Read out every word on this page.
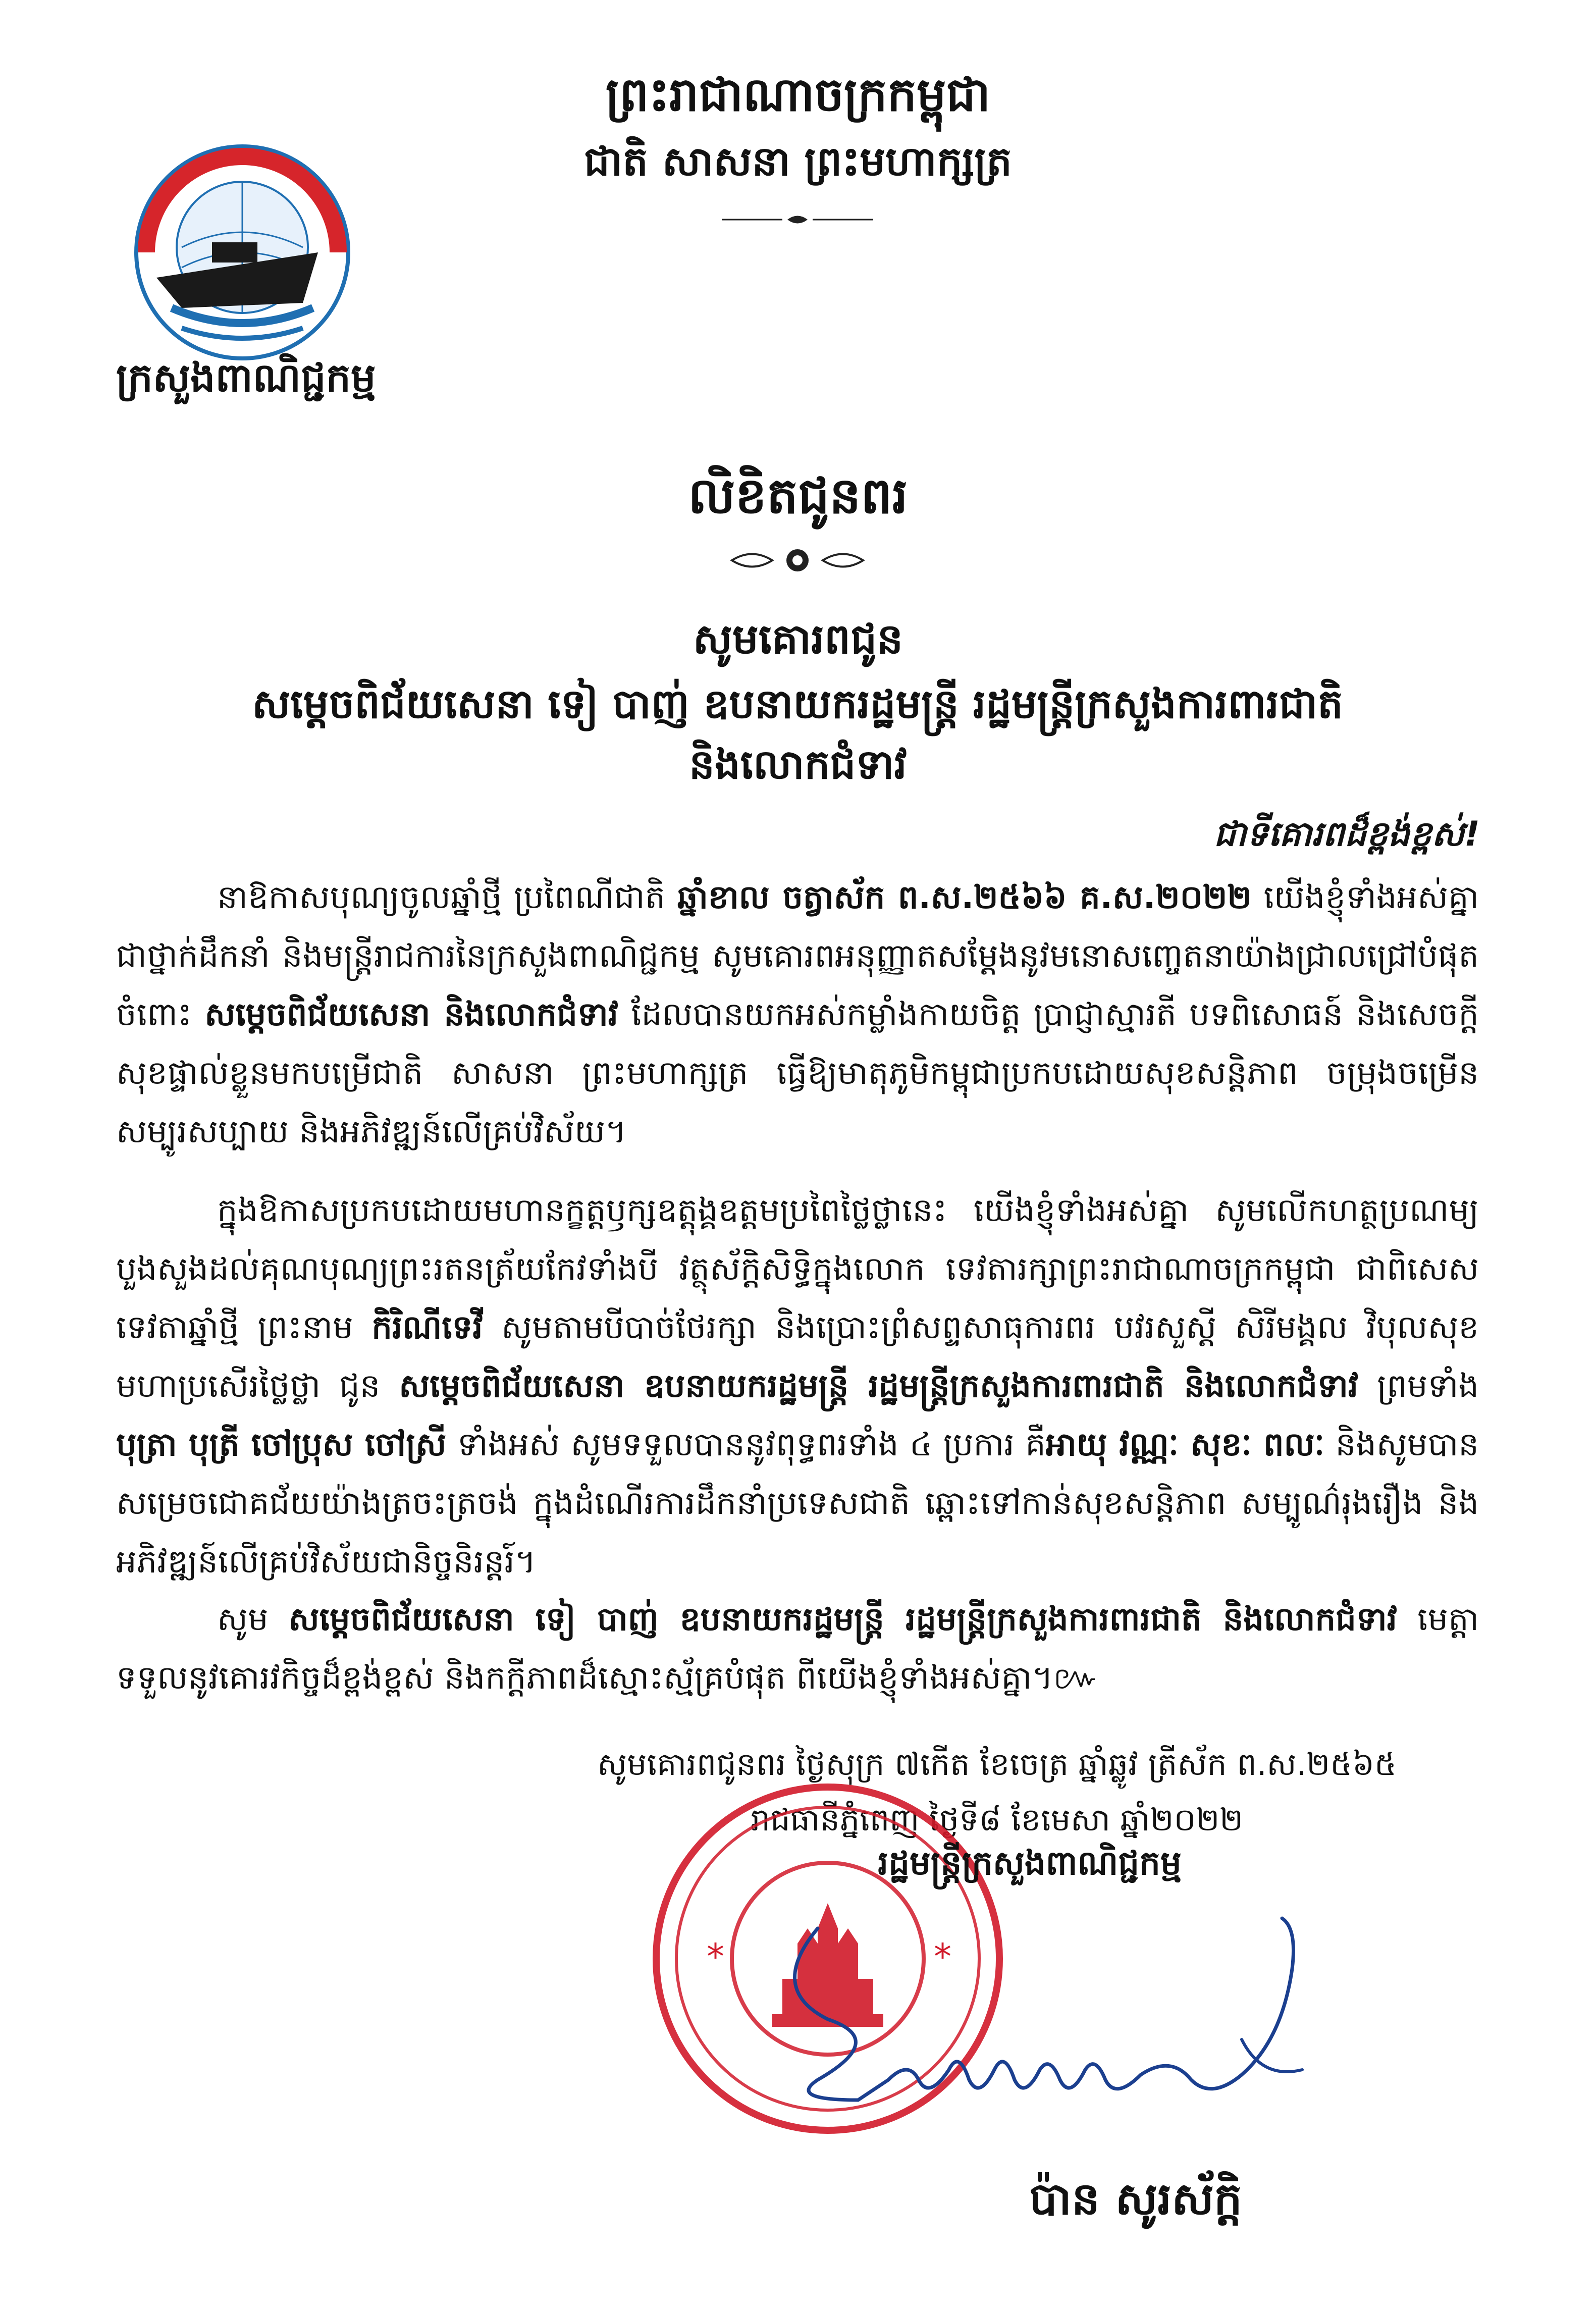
ព្រះរាជាណាចក្រកម្ពុជា
ជាតិ សាសនា ព្រះមហាក្សត្រ
ក្រសួងពាណិជ្ជកម្ម
លិខិតជូនពរ
សូមគោរពជូន
សម្តេចពិជ័យសេនា ទៀ បាញ់ ឧបនាយករដ្ឋមន្ត្រី រដ្ឋមន្ត្រីក្រសួងការពារជាតិ
និងលោកជំទាវ
ជាទីគោរពដ៏ខ្ពង់ខ្ពស់!
នាឱកាសបុណ្យចូលឆ្នាំថ្មី ប្រពៃណីជាតិ ឆ្នាំខាល ចត្វាស័ក ព.ស.២៥៦៦ គ.ស.២០២២ យើងខ្ញុំទាំងអស់គ្នា ជាថ្នាក់ដឹកនាំ និងមន្ត្រីរាជការនៃក្រសួងពាណិជ្ជកម្ម សូមគោរពអនុញ្ញាតសម្តែងនូវមនោសញ្ចេតនាយ៉ាងជ្រាលជ្រៅបំផុត ចំពោះ សម្តេចពិជ័យសេនា និងលោកជំទាវ ដែលបានយកអស់កម្លាំងកាយចិត្ត ប្រាជ្ញាស្មារតី បទពិសោធន៍ និងសេចក្តីសុខផ្ទាល់ខ្លួនមកបម្រើជាតិ សាសនា ព្រះមហាក្សត្រ ធ្វើឱ្យមាតុភូមិកម្ពុជាប្រកបដោយសុខសន្តិភាព ចម្រុងចម្រើន សម្បូរសប្បាយ និងអភិវឌ្ឍន៍លើគ្រប់វិស័យ។
ក្នុងឱកាសប្រកបដោយមហានក្ខត្តឫក្សឧត្តុង្គឧត្តមប្រពៃថ្លៃថ្លានេះ យើងខ្ញុំទាំងអស់គ្នា សូមលើកហត្ថប្រណម្យបួងសួងដល់គុណបុណ្យព្រះរតនត្រ័យកែវទាំងបី វត្ថុស័ក្តិសិទ្ធិក្នុងលោក ទេវតារក្សាព្រះរាជាណាចក្រកម្ពុជា ជាពិសេសទេវតាឆ្នាំថ្មី ព្រះនាម កិរិណីទេវី សូមតាមបីបាច់ថែរក្សា និងប្រោះព្រំសព្ទសាធុការពរ បវរសួស្តី សិរីមង្គល វិបុលសុខ មហាប្រសើរថ្លៃថ្លា ជូន សម្តេចពិជ័យសេនា ឧបនាយករដ្ឋមន្ត្រី រដ្ឋមន្ត្រីក្រសួងការពារជាតិ និងលោកជំទាវ ព្រមទាំង បុត្រា បុត្រី ចៅប្រុស ចៅស្រី ទាំងអស់ សូមទទួលបាននូវពុទ្ធពរទាំង ៤ ប្រការ គឺអាយុ វណ្ណៈ សុខៈ ពលៈ និងសូមបានសម្រេចជោគជ័យយ៉ាងត្រចះត្រចង់ ក្នុងដំណើរការដឹកនាំប្រទេសជាតិ ឆ្ពោះទៅកាន់សុខសន្តិភាព សម្បូណ៌រុងរឿង និងអភិវឌ្ឍន៍លើគ្រប់វិស័យជានិច្ចនិរន្តរ៍។
សូម សម្តេចពិជ័យសេនា ទៀ បាញ់ ឧបនាយករដ្ឋមន្ត្រី រដ្ឋមន្ត្រីក្រសួងការពារជាតិ និងលោកជំទាវ មេត្តាទទួលនូវគោរវកិច្ចដ៏ខ្ពង់ខ្ពស់ និងកក្តីភាពដ៏ស្មោះស្ម័គ្របំផុត ពីយើងខ្ញុំទាំងអស់គ្នា។៚
សូមគោរពជូនពរ ថ្ងៃសុក្រ ៧កើត ខែចេត្រ ឆ្នាំឆ្លូវ ត្រីស័ក ព.ស.២៥៦៥
រាជធានីភ្នំពេញ ថ្ងៃទី៨ ខែមេសា ឆ្នាំ២០២២
*	*
រដ្ឋមន្ត្រីក្រសួងពាណិជ្ជកម្ម
ប៉ាន សូរស័ក្តិ
